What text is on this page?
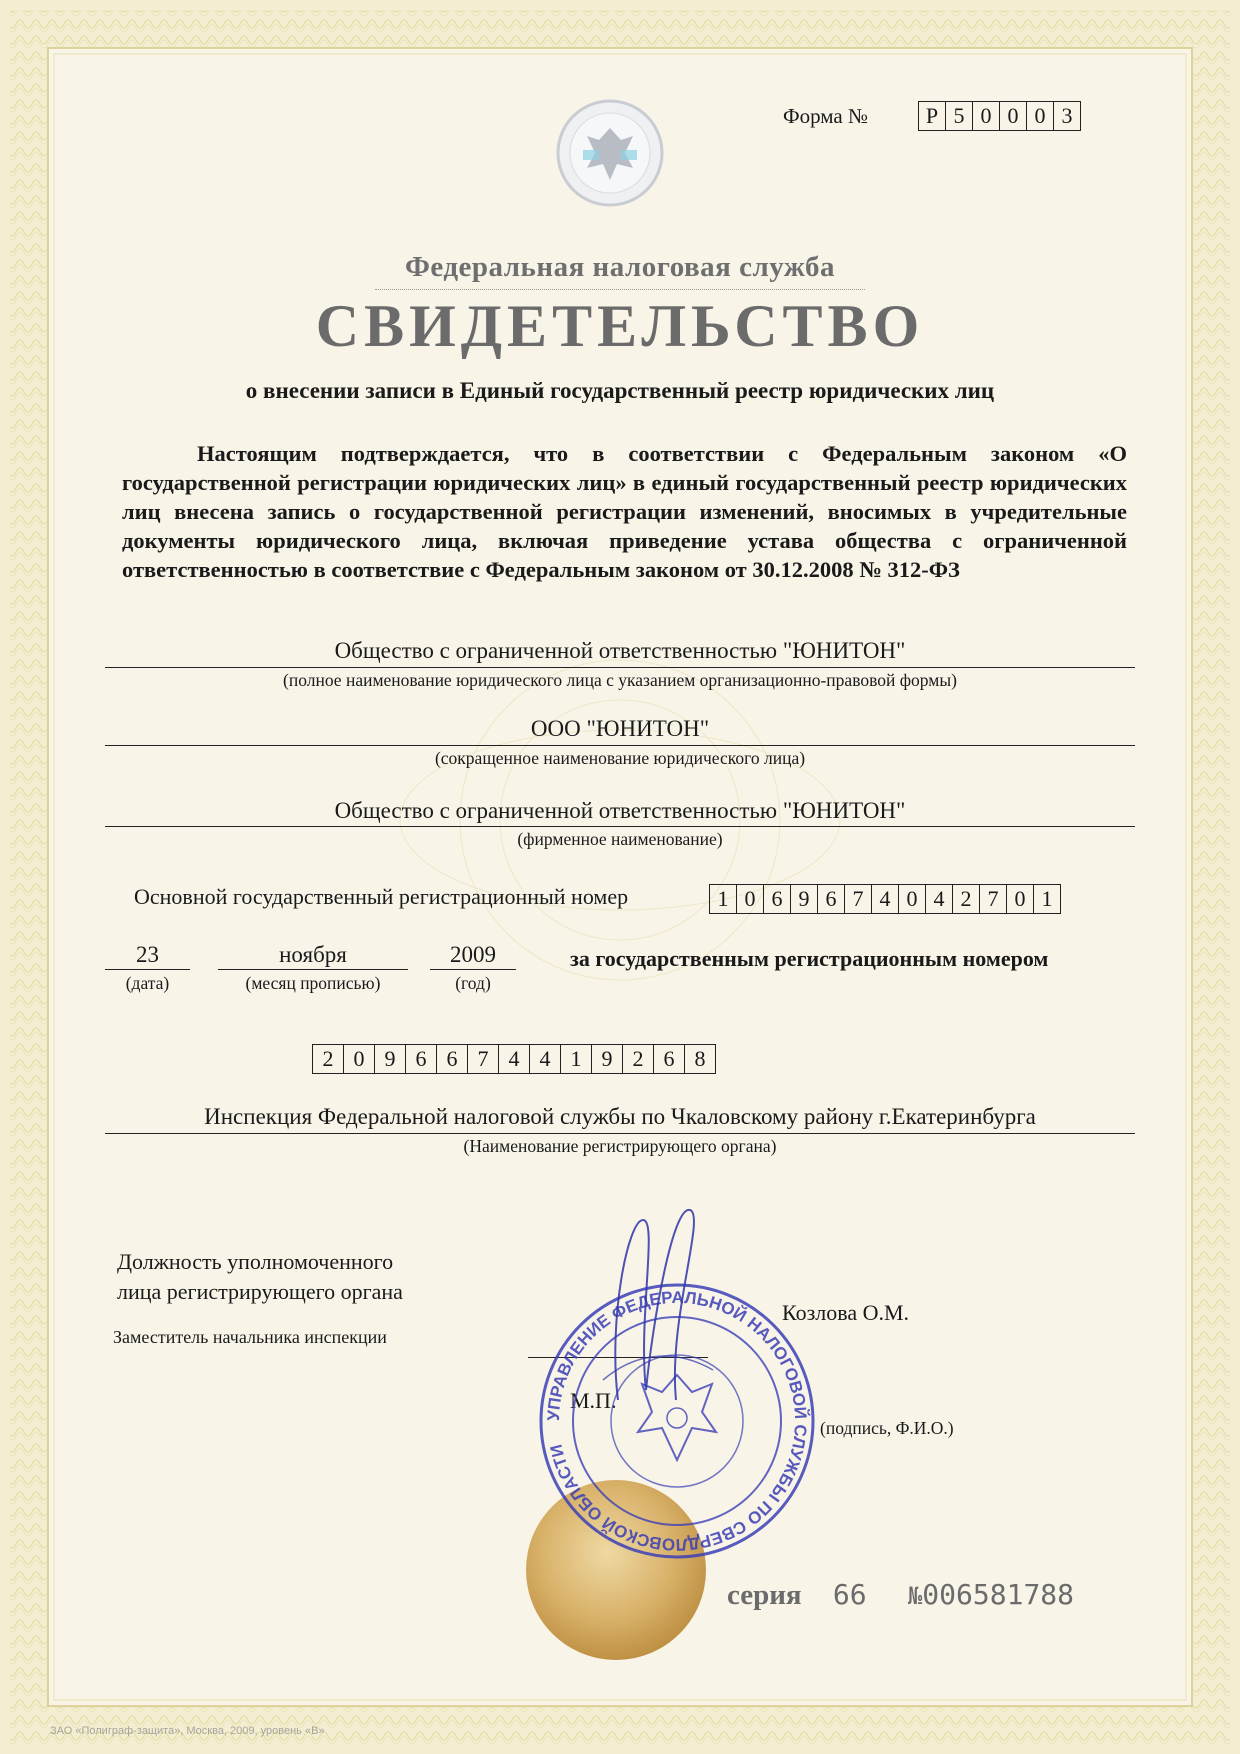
Форма №	Р 5 0 0 0 3
Федеральная налоговая служба
СВИДЕТЕЛЬСТВО
о внесении записи в Единый государственный реестр юридических лиц

Настоящим подтверждается, что в соответствии с Федеральным законом «О государственной регистрации юридических лиц» в единый государственный реестр юридических лиц внесена запись о государственной регистрации изменений, вносимых в учредительные документы юридического лица, включая приведение устава общества с ограниченной ответственностью в соответствие с Федеральным законом от 30.12.2008 № 312-ФЗ

Общество с ограниченной ответственностью "ЮНИТОН"
(полное наименование юридического лица с указанием организационно-правовой формы)
ООО "ЮНИТОН"
(сокращенное наименование юридического лица)
Общество с ограниченной ответственностью "ЮНИТОН"
(фирменное наименование)
Основной государственный регистрационный номер	1 0 6 9 6 7 4 0 4 2 7 0 1
23
(дата)
ноября
(месяц прописью)
2009
(год)
за государственным регистрационным номером
2 0 9 6 6 7 4 4 1 9 2 6 8
Инспекция Федеральной налоговой службы по Чкаловскому району г.Екатеринбурга
(Наименование регистрирующего органа)
Должность уполномоченного
лица регистрирующего органа
Заместитель начальника инспекции
Козлова О.М.
М.П.
(подпись, Ф.И.О.)
УПРАВЛЕНИЕ ФЕДЕРАЛЬНОЙ НАЛОГОВОЙ СЛУЖБЫ ПО СВЕРДЛОВСКОЙ ОБЛАСТИ
серия 66 №006581788
ЗАО «Полиграф-защита», Москва, 2009, уровень «В»
